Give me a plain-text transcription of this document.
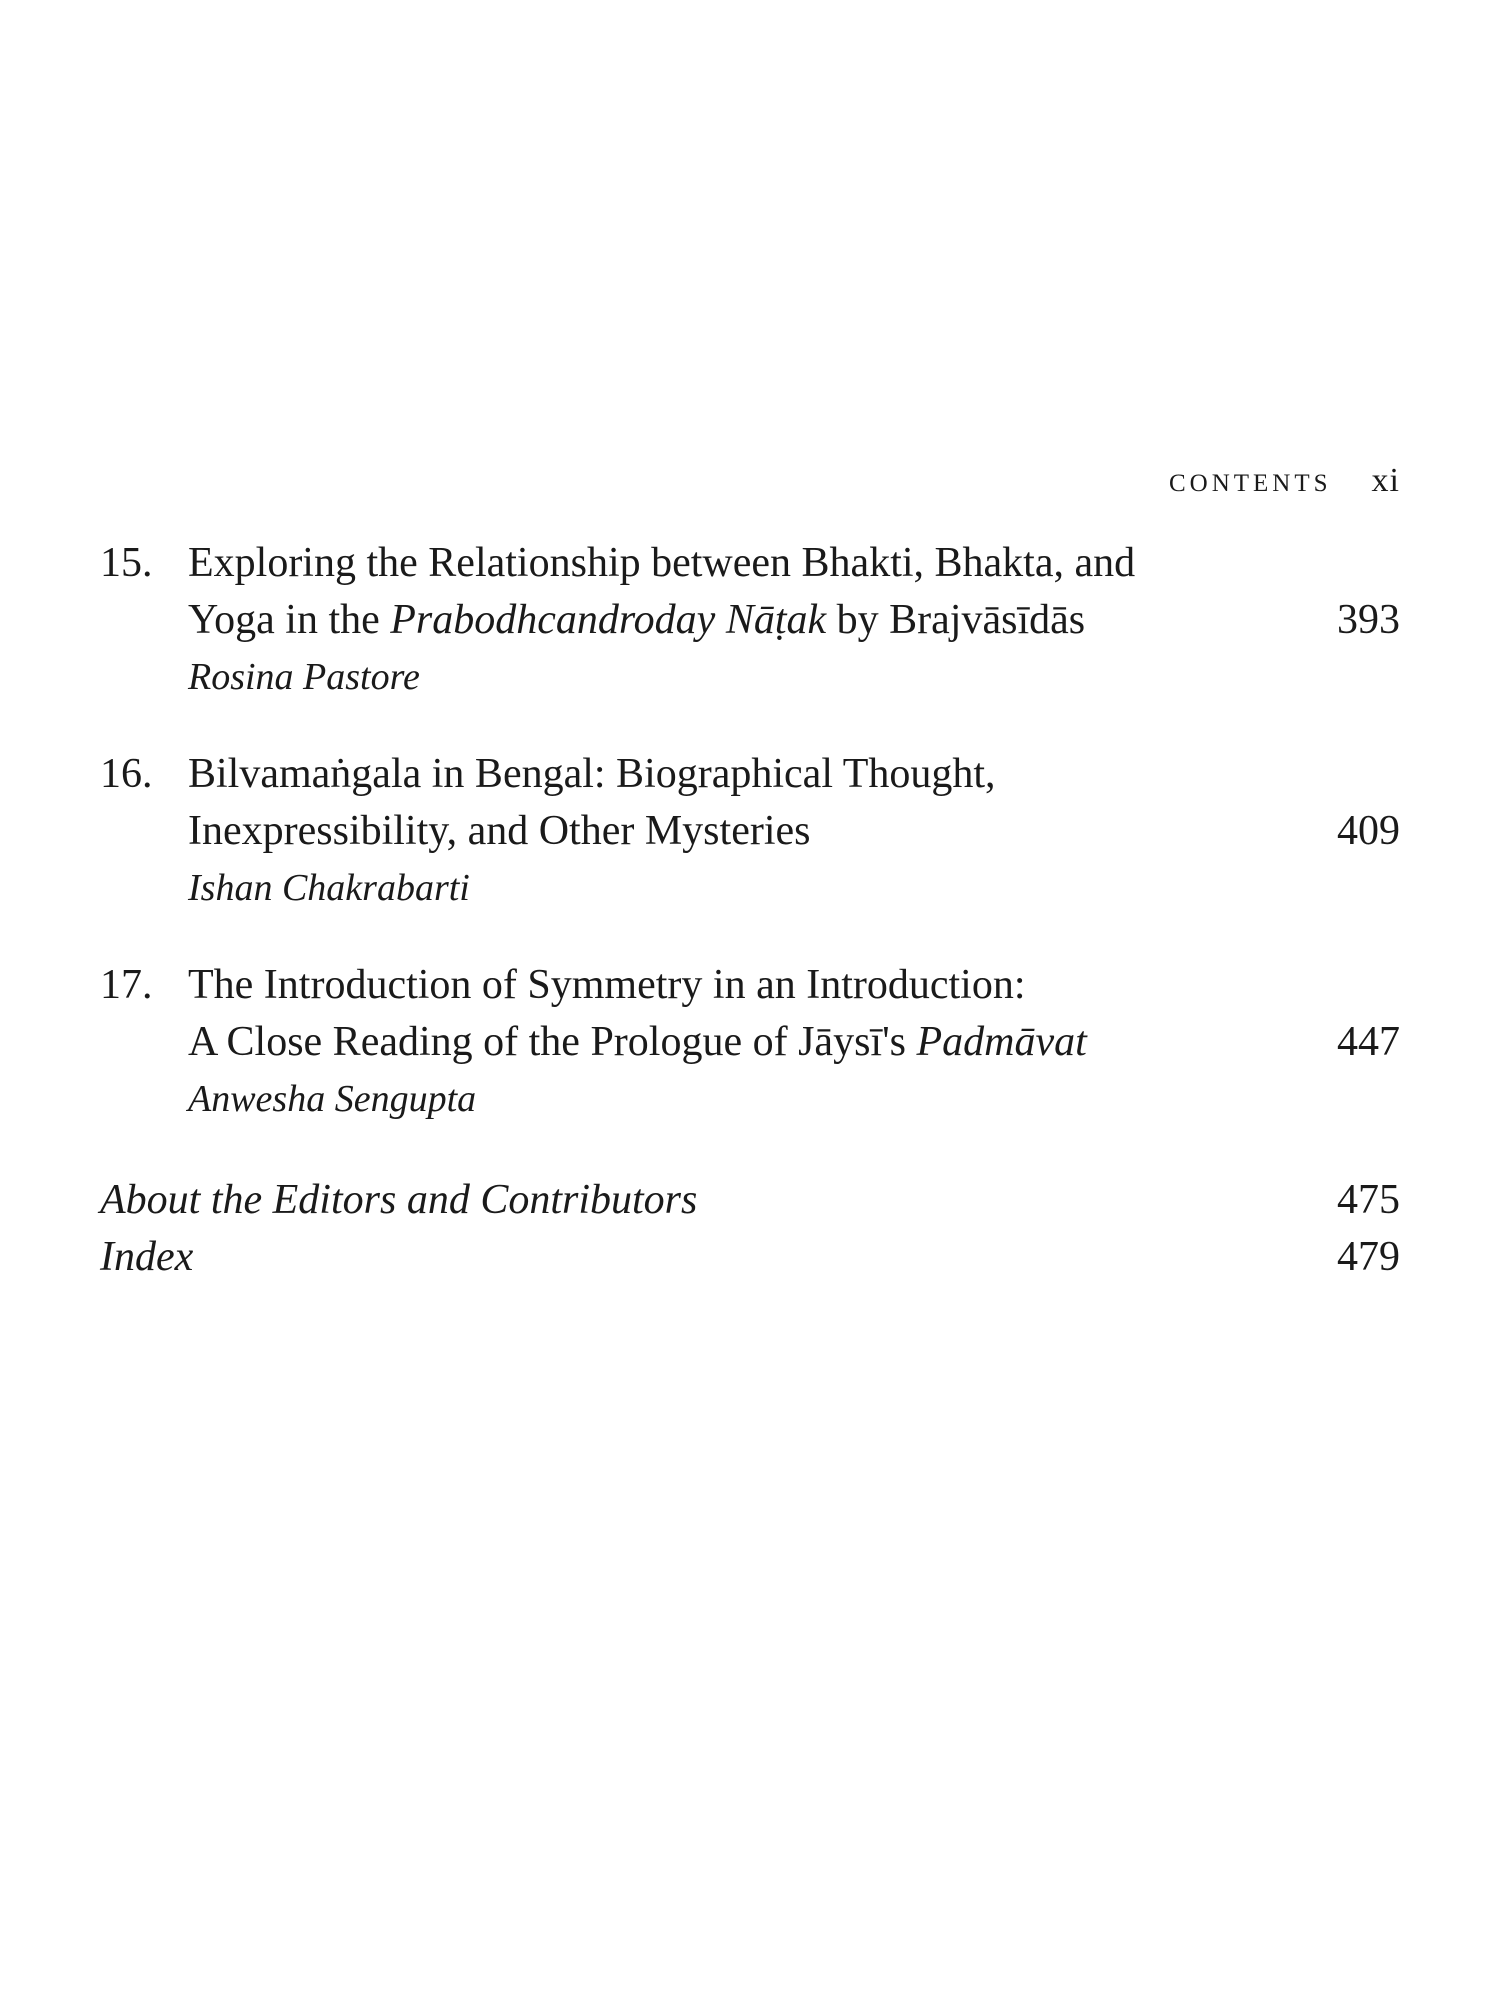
CONTENTS xi
15. Exploring the Relationship between Bhakti, Bhakta, and
Yoga in the Prabodhcandroday Nāṭak by Brajvāsīdās
Rosina Pastore
393
16. Bilvamaṅgala in Bengal: Biographical Thought,
Inexpressibility, and Other Mysteries
Ishan Chakrabarti
409
17. The Introduction of Symmetry in an Introduction:
A Close Reading of the Prologue of Jāysī's Padmāvat
Anwesha Sengupta
447
About the Editors and Contributors	475
Index	479
